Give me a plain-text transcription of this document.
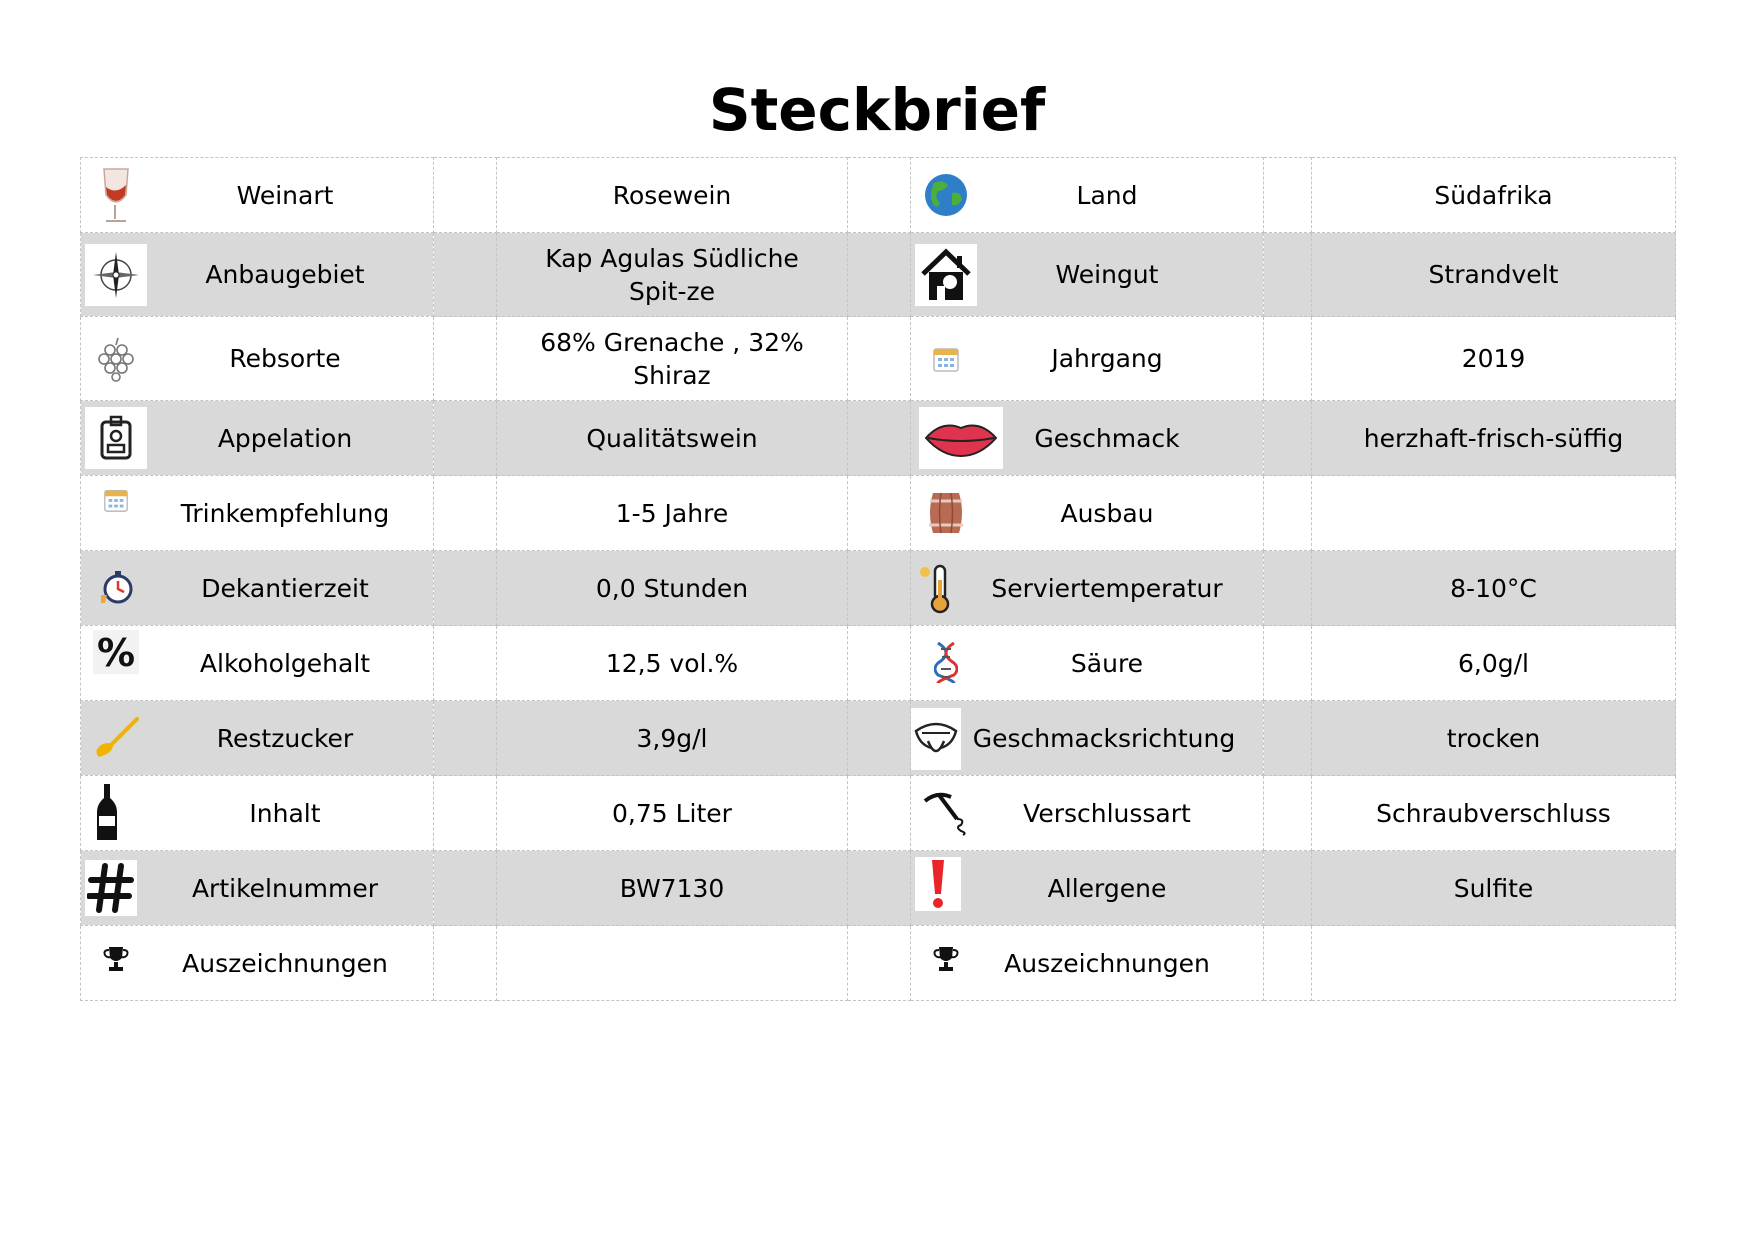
Steckbrief
Weinart		Rosewein		Land		Südafrika

Anbaugebiet		Kap Agulas Südliche Spit-ze		Weingut		Strandvelt

Rebsorte		68% Grenache , 32% Shiraz		Jahrgang		2019

Appelation		Qualitätswein		Geschmack		herzhaft-frisch-süffig

Trinkempfehlung		1-5 Jahre		Ausbau		

Dekantierzeit		0,0 Stunden		Serviertemperatur		8-10°C

% Alkoholgehalt		12,5 vol.%		Säure		6,0g/l

Restzucker		3,9g/l		Geschmacksrichtung		trocken

Inhalt		0,75 Liter		Verschlussart		Schraubverschluss

Artikelnummer		BW7130		Allergene		Sulfite

Auszeichnungen				Auszeichnungen		
